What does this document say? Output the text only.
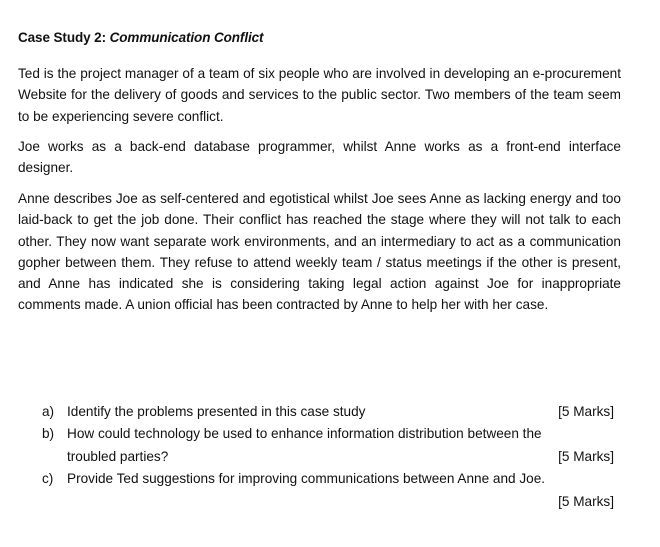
Case Study 2: Communication Conflict

Ted is the project manager of a team of six people who are involved in developing an e-procurement Website for the delivery of goods and services to the public sector. Two members of the team seem to be experiencing severe conflict.

Joe works as a back-end database programmer, whilst Anne works as a front-end interface designer.

Anne describes Joe as self-centered and egotistical whilst Joe sees Anne as lacking energy and too laid-back to get the job done. Their conflict has reached the stage where they will not talk to each other. They now want separate work environments, and an intermediary to act as a communication gopher between them. They refuse to attend weekly team / status meetings if the other is present, and Anne has indicated she is considering taking legal action against Joe for inappropriate comments made. A union official has been contracted by Anne to help her with her case.

a) Identify the problems presented in this case study	[5 Marks]
b) How could technology be used to enhance information distribution between the
troubled parties?	[5 Marks]
c) Provide Ted suggestions for improving communications between Anne and Joe.
[5 Marks]
